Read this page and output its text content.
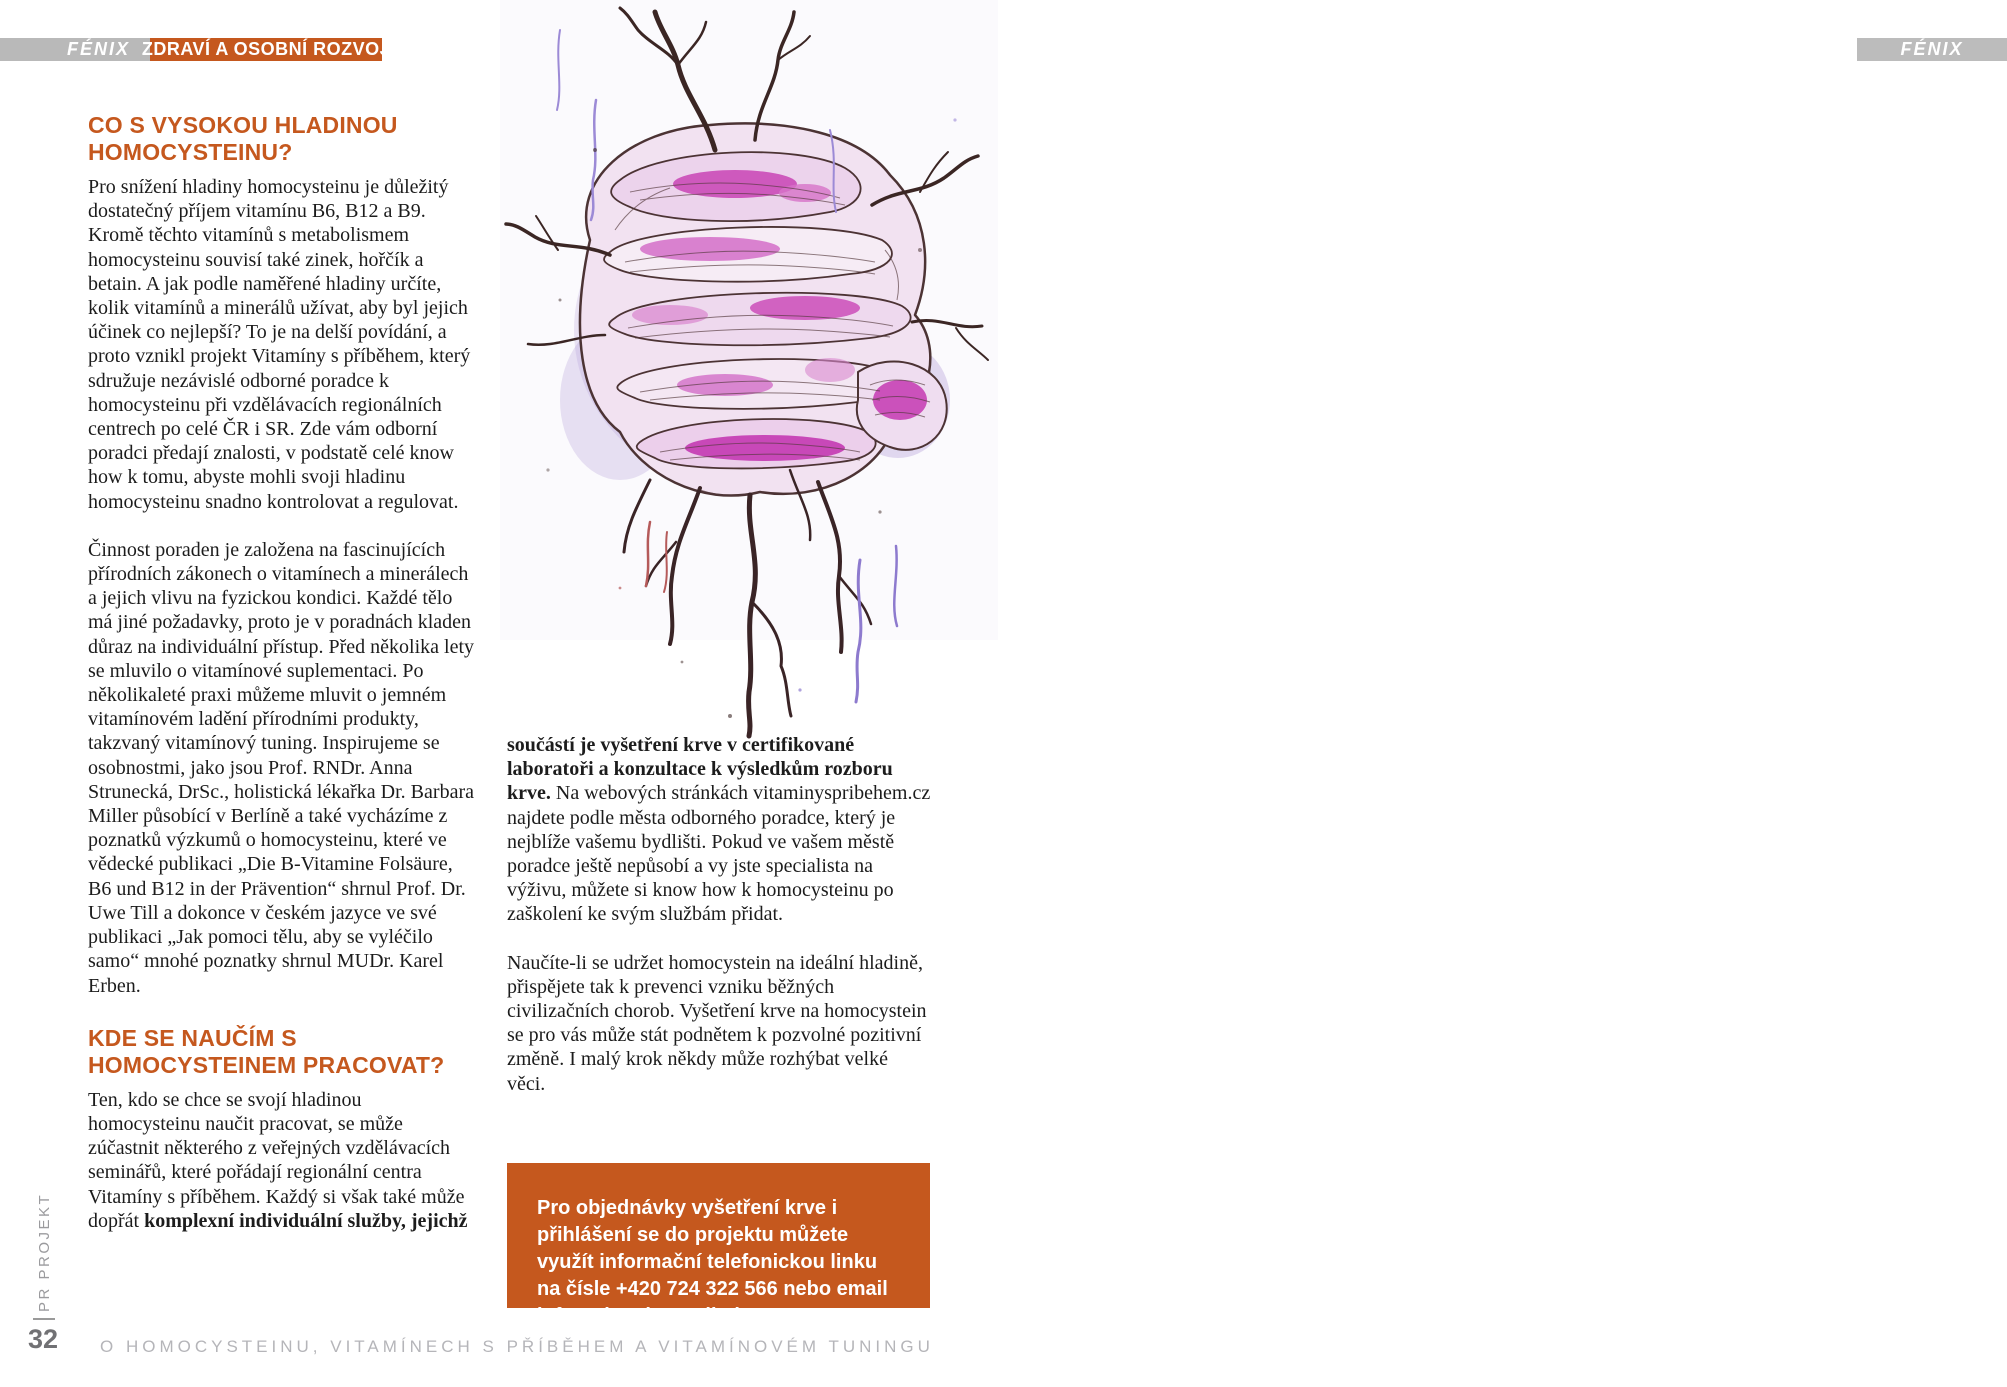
FÉNIX ZDRAVÍ A OSOBNÍ ROZVOJ	FÉNIX
CO S VYSOKOU HLADINOU HOMOCYSTEINU?

Pro snížení hladiny homocysteinu je důležitý dostatečný příjem vitamínu B6, B12 a B9. Kromě těchto vitamínů s metabolismem homocysteinu souvisí také zinek, hořčík a betain. A jak podle naměřené hladiny určíte, kolik vitamínů a minerálů užívat, aby byl jejich účinek co nejlepší? To je na delší povídání, a proto vznikl projekt Vitamíny s příběhem, který sdružuje nezávislé odborné poradce k homocysteinu při vzdělávacích regionálních centrech po celé ČR i SR. Zde vám odborní poradci předají znalosti, v podstatě celé know how k tomu, abyste mohli svoji hladinu homocysteinu snadno kontrolovat a regulovat.

Činnost poraden je založena na fascinujících přírodních zákonech o vitamínech a minerálech a jejich vlivu na fyzickou kondici. Každé tělo má jiné požadavky, proto je v poradnách kladen důraz na individuální přístup. Před několika lety se mluvilo o vitamínové suplementaci. Po několikaleté praxi můžeme mluvit o jemném vitamínovém ladění přírodními produkty, takzvaný vitamínový tuning. Inspirujeme se osobnostmi, jako jsou Prof. RNDr. Anna Strunecká, DrSc., holistická lékařka Dr. Barbara Miller působící v Berlíně a také vycházíme z poznatků výzkumů o homocysteinu, které ve vědecké publikaci „Die B-Vitamine Folsäure, B6 und B12 in der Prävention“ shrnul Prof. Dr. Uwe Till a dokonce v českém jazyce ve své publikaci „Jak pomoci tělu, aby se vyléčilo samo“ mnohé poznatky shrnul MUDr. Karel Erben.

KDE SE NAUČÍM S HOMOCYSTEINEM PRACOVAT?

Ten, kdo se chce se svojí hladinou homocysteinu naučit pracovat, se může zúčastnit některého z veřejných vzdělávacích seminářů, které pořádají regionální centra Vitamíny s příběhem. Každý si však také může dopřát komplexní individuální služby, jejichž

součástí je vyšetření krve v certifikované laboratoři a konzultace k výsledkům rozboru krve. Na webových stránkách vitaminyspribehem.cz najdete podle města odborného poradce, který je nejblíže vašemu bydlišti. Pokud ve vašem městě poradce ještě nepůsobí a vy jste specialista na výživu, můžete si know how k homocysteinu po zaškolení ke svým službám přidat.

Naučíte-li se udržet homocystein na ideální hladině, přispějete tak k prevenci vzniku běžných civilizačních chorob. Vyšetření krve na homocystein se pro vás může stát podnětem k pozvolné pozitivní změně. I malý krok někdy může rozhýbat velké věci.

Pro objednávky vyšetření krve i přihlášení se do projektu můžete využít informační telefonickou linku na čísle +420 724 322 566 nebo email info@vitaminyspribehem.cz.

PR PROJEKT
32 O HOMOCYSTEINU, VITAMÍNECH S PŘÍBĚHEM A VITAMÍNOVÉM TUNINGU
